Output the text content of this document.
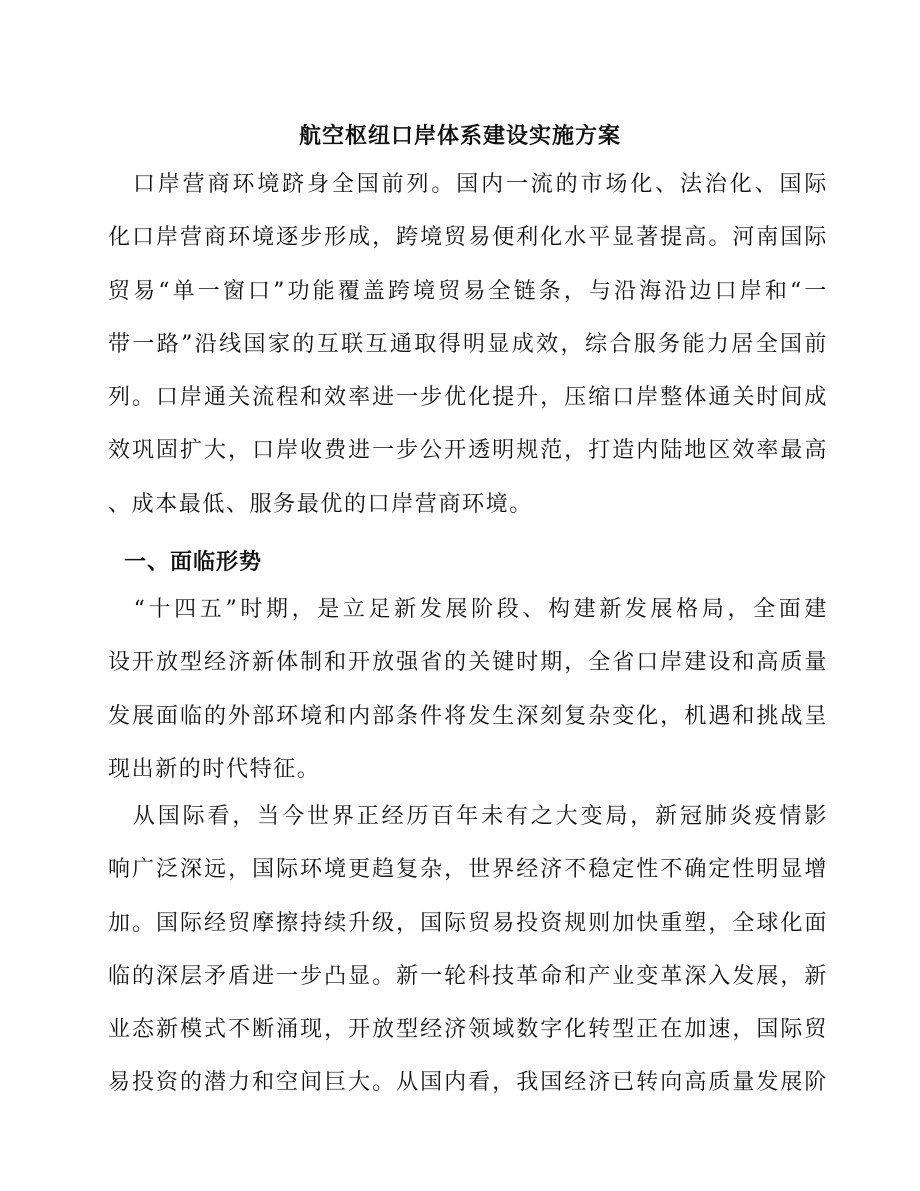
航空枢纽口岸体系建设实施方案
　口岸营商环境跻身全国前列。国内一流的市场化、法治化、国际
化口岸营商环境逐步形成，跨境贸易便利化水平显著提高。河南国际
贸易“单一窗口”功能覆盖跨境贸易全链条，与沿海沿边口岸和“一
带一路”沿线国家的互联互通取得明显成效，综合服务能力居全国前
列。口岸通关流程和效率进一步优化提升，压缩口岸整体通关时间成
效巩固扩大，口岸收费进一步公开透明规范，打造内陆地区效率最高
、成本最低、服务最优的口岸营商环境。
一、面临形势
　“十四五”时期，是立足新发展阶段、构建新发展格局，全面建
设开放型经济新体制和开放强省的关键时期，全省口岸建设和高质量
发展面临的外部环境和内部条件将发生深刻复杂变化，机遇和挑战呈
现出新的时代特征。
　从国际看，当今世界正经历百年未有之大变局，新冠肺炎疫情影
响广泛深远，国际环境更趋复杂，世界经济不稳定性不确定性明显增
加。国际经贸摩擦持续升级，国际贸易投资规则加快重塑，全球化面
临的深层矛盾进一步凸显。新一轮科技革命和产业变革深入发展，新
业态新模式不断涌现，开放型经济领域数字化转型正在加速，国际贸
易投资的潜力和空间巨大。从国内看，我国经济已转向高质量发展阶
